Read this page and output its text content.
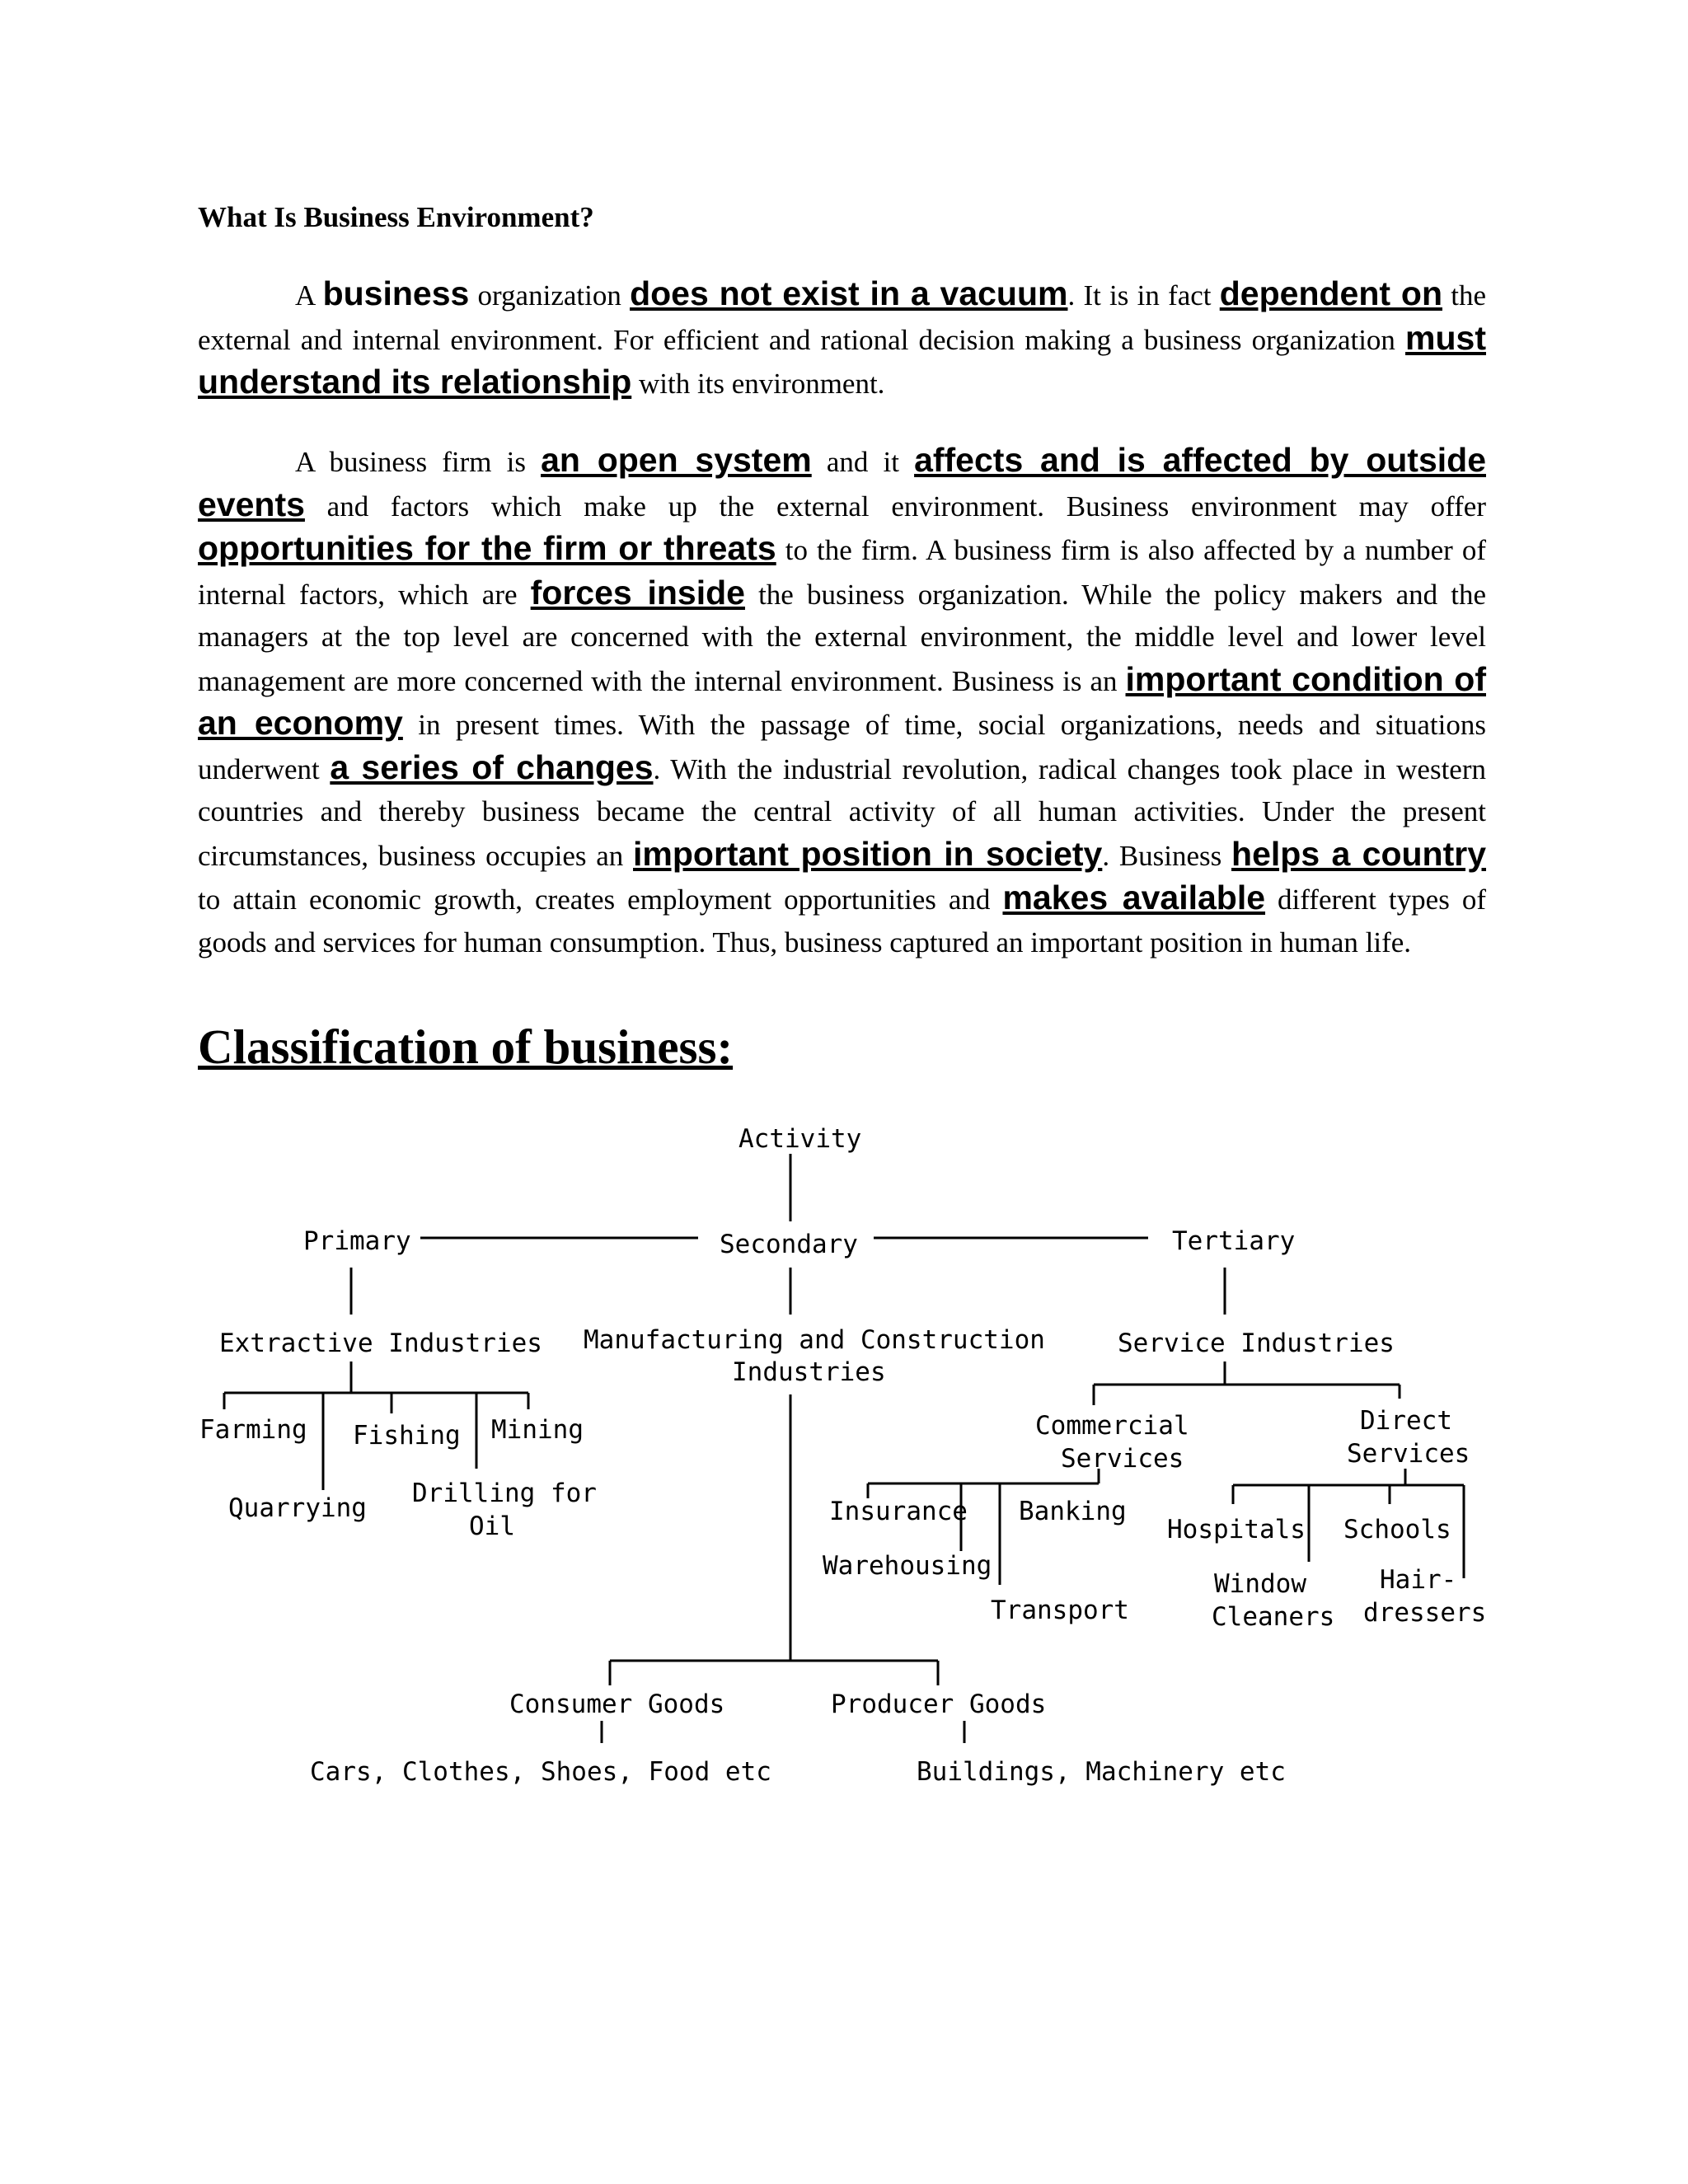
What Is Business Environment?

A business organization does not exist in a vacuum. It is in fact dependent on the external and internal environment. For efficient and rational decision making a business organization must understand its relationship with its environment.

A business firm is an open system and it affects and is affected by outside events and factors which make up the external environment. Business environment may offer opportunities for the firm or threats to the firm. A business firm is also affected by a number of internal factors, which are forces inside the business organization. While the policy makers and the managers at the top level are concerned with the external environment, the middle level and lower level management are more concerned with the internal environment. Business is an important condition of an economy in present times. With the passage of time, social organizations, needs and situations underwent a series of changes. With the industrial revolution, radical changes took place in western countries and thereby business became the central activity of all human activities. Under the present circumstances, business occupies an important position in society. Business helps a country to attain economic growth, creates employment opportunities and makes available different types of goods and services for human consumption. Thus, business captured an important position in human life.

Classification of business:

Activity
Primary	Secondary	Tertiary
Extractive Industries Manufacturing and Construction
Industries
Service Industries
Farming Fishing Mining
Quarrying Drilling for
Oil
Commercial
Services
Direct
Services
Insurance Banking
Warehousing
Transport
Hospitals Schools
Window
Cleaners
Hair-
dressers
Consumer Goods	Producer Goods
Cars, Clothes, Shoes, Food etc	Buildings, Machinery etc
